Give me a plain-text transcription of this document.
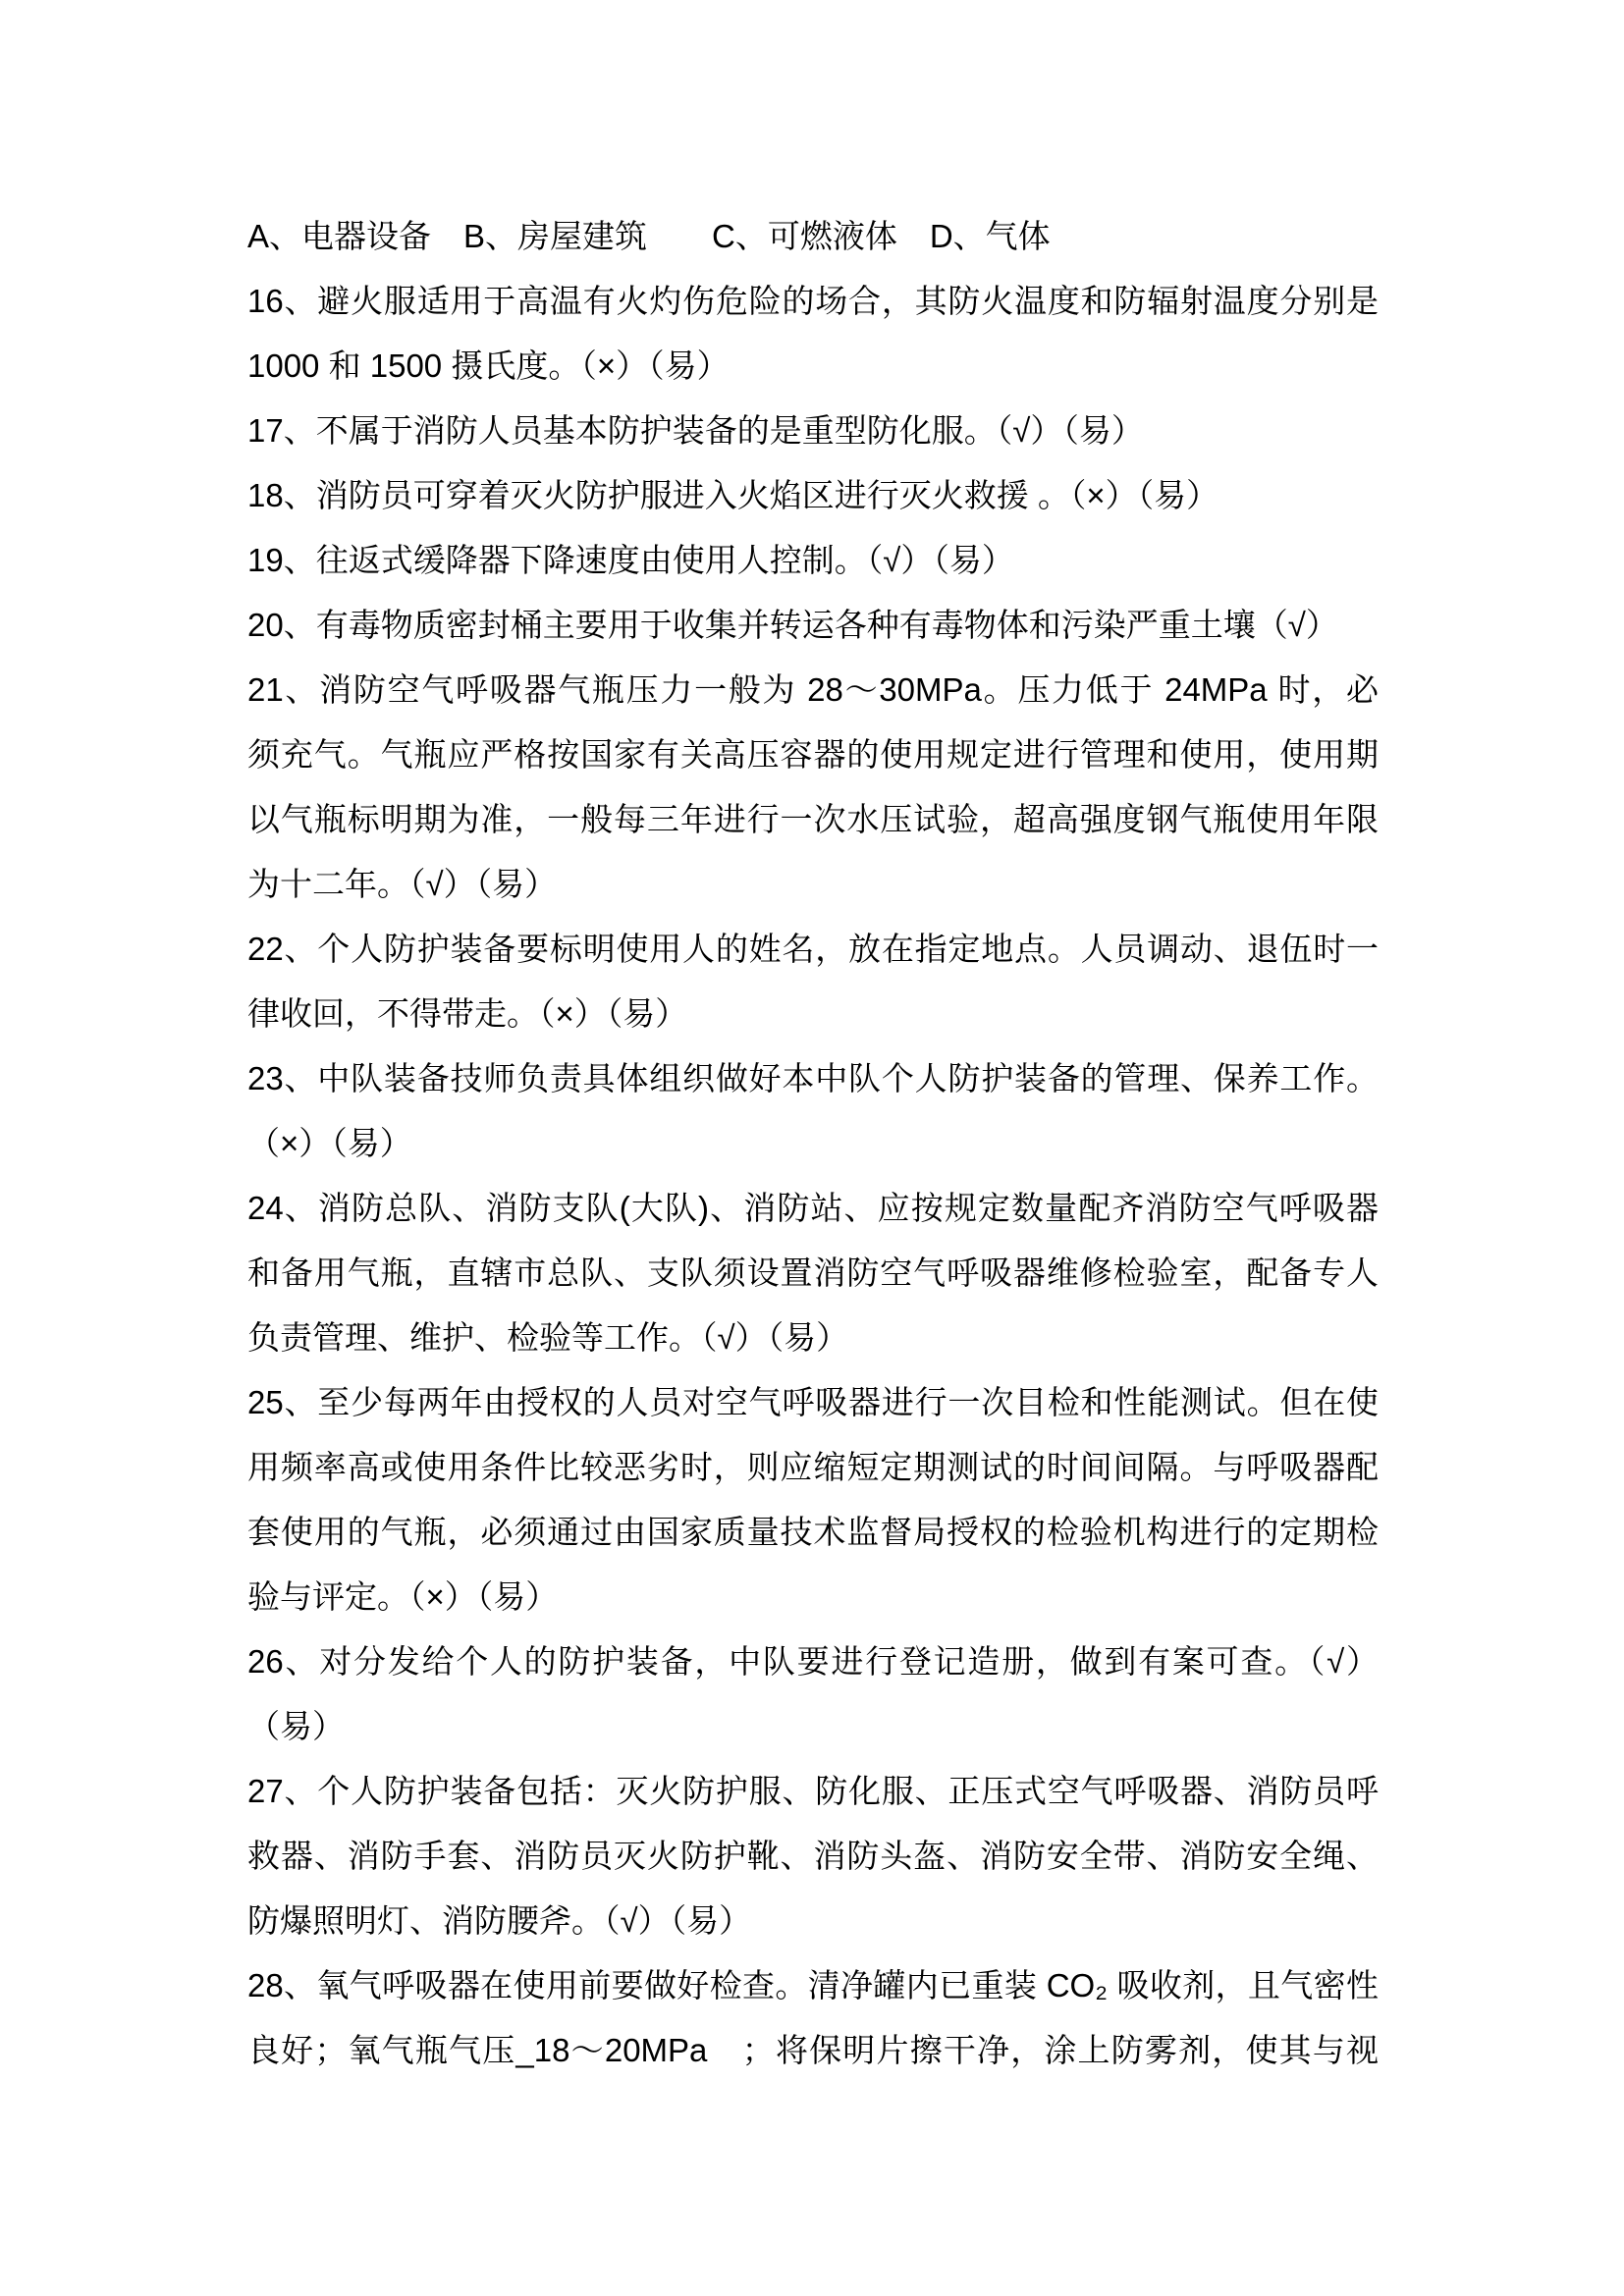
A、电器设备　B、房屋建筑　　C、可燃液体　D、气体
16、避火服适用于高温有火灼伤危险的场合，其防火温度和防辐射温度分别是
1000 和 1500 摄氏度。（×）（易）
17、不属于消防人员基本防护装备的是重型防化服。（√）（易）
18、消防员可穿着灭火防护服进入火焰区进行灭火救援 。（×）（易）
19、往返式缓降器下降速度由使用人控制。（√）（易）
20、有毒物质密封桶主要用于收集并转运各种有毒物体和污染严重土壤（√）
21、消防空气呼吸器气瓶压力一般为 28～30MPa。压力低于 24MPa 时，必
须充气。气瓶应严格按国家有关高压容器的使用规定进行管理和使用，使用期
以气瓶标明期为准，一般每三年进行一次水压试验，超高强度钢气瓶使用年限
为十二年。（√）（易）
22、个人防护装备要标明使用人的姓名，放在指定地点。人员调动、退伍时一
律收回，不得带走。（×）（易）
23、中队装备技师负责具体组织做好本中队个人防护装备的管理、保养工作。
（×）（易）
24、消防总队、消防支队(大队)、消防站、应按规定数量配齐消防空气呼吸器
和备用气瓶，直辖市总队、支队须设置消防空气呼吸器维修检验室，配备专人
负责管理、维护、检验等工作。（√）（易）
25、至少每两年由授权的人员对空气呼吸器进行一次目检和性能测试。但在使
用频率高或使用条件比较恶劣时，则应缩短定期测试的时间间隔。与呼吸器配
套使用的气瓶，必须通过由国家质量技术监督局授权的检验机构进行的定期检
验与评定。（×）（易）
26、对分发给个人的防护装备，中队要进行登记造册，做到有案可查。（√）
（易）
27、个人防护装备包括：灭火防护服、防化服、正压式空气呼吸器、消防员呼
救器、消防手套、消防员灭火防护靴、消防头盔、消防安全带、消防安全绳、
防爆照明灯、消防腰斧。（√）（易）
28、氧气呼吸器在使用前要做好检查。清净罐内已重装 CO₂ 吸收剂，且气密性
良好；氧气瓶气压_18～20MPa　；将保明片擦干净，涂上防雾剂，使其与视
